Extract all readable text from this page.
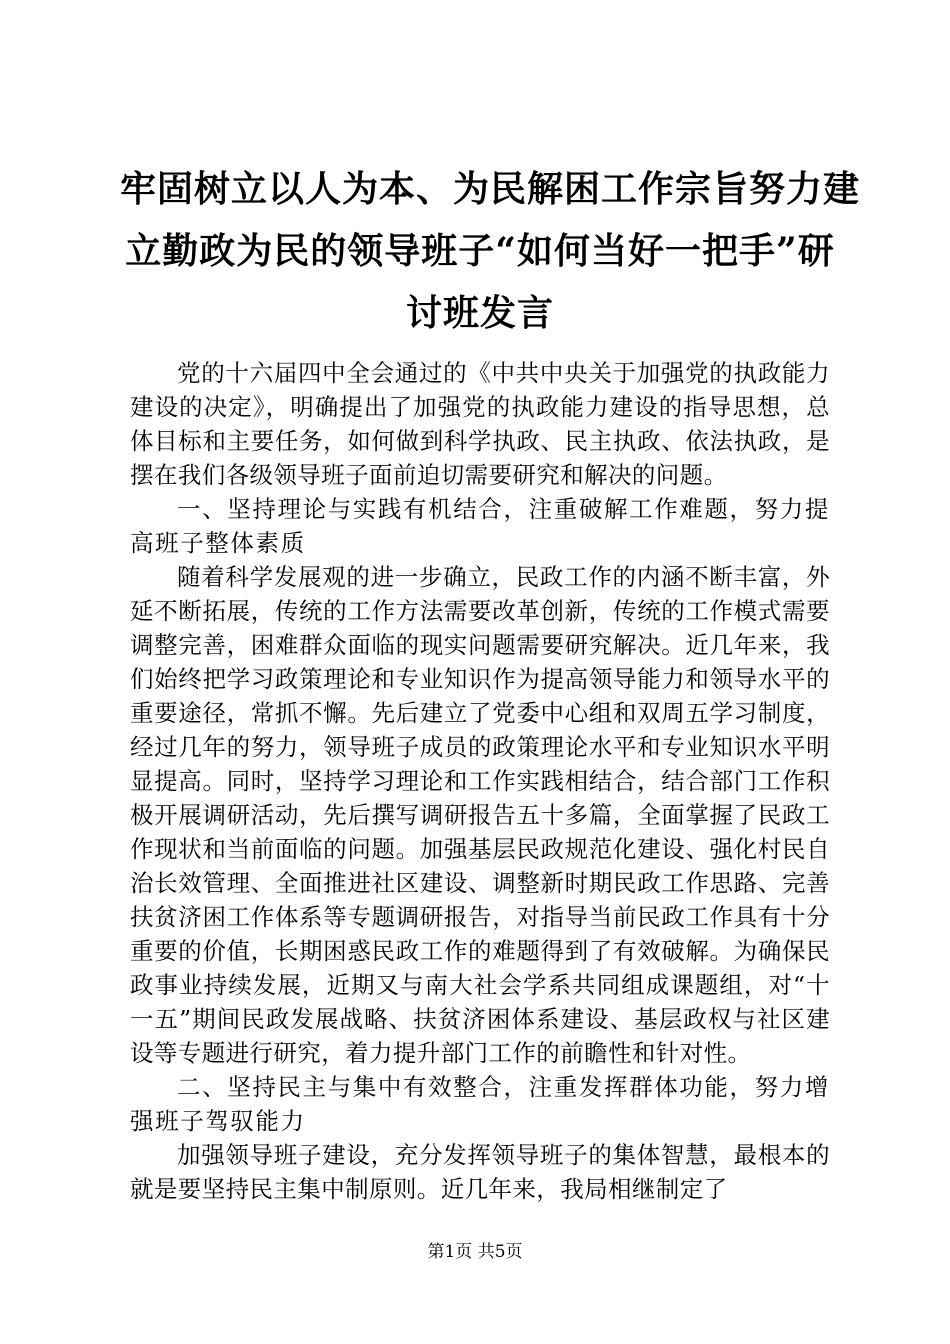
牢固树立以人为本、为民解困工作宗旨努力建
立勤政为民的领导班子“如何当好一把手”研
讨班发言

党的十六届四中全会通过的《中共中央关于加强党的执政能力建设的决定》，明确提出了加强党的执政能力建设的指导思想，总体目标和主要任务，如何做到科学执政、民主执政、依法执政，是摆在我们各级领导班子面前迫切需要研究和解决的问题。

一、坚持理论与实践有机结合，注重破解工作难题，努力提高班子整体素质

随着科学发展观的进一步确立，民政工作的内涵不断丰富，外延不断拓展，传统的工作方法需要改革创新，传统的工作模式需要调整完善，困难群众面临的现实问题需要研究解决。近几年来，我们始终把学习政策理论和专业知识作为提高领导能力和领导水平的重要途径，常抓不懈。先后建立了党委中心组和双周五学习制度，经过几年的努力，领导班子成员的政策理论水平和专业知识水平明显提高。同时，坚持学习理论和工作实践相结合，结合部门工作积极开展调研活动，先后撰写调研报告五十多篇，全面掌握了民政工作现状和当前面临的问题。加强基层民政规范化建设、强化村民自治长效管理、全面推进社区建设、调整新时期民政工作思路、完善扶贫济困工作体系等专题调研报告，对指导当前民政工作具有十分重要的价值，长期困惑民政工作的难题得到了有效破解。为确保民政事业持续发展，近期又与南大社会学系共同组成课题组，对“十一五”期间民政发展战略、扶贫济困体系建设、基层政权与社区建设等专题进行研究，着力提升部门工作的前瞻性和针对性。

二、坚持民主与集中有效整合，注重发挥群体功能，努力增强班子驾驭能力

加强领导班子建设，充分发挥领导班子的集体智慧，最根本的就是要坚持民主集中制原则。近几年来，我局相继制定了

第1页 共5页
